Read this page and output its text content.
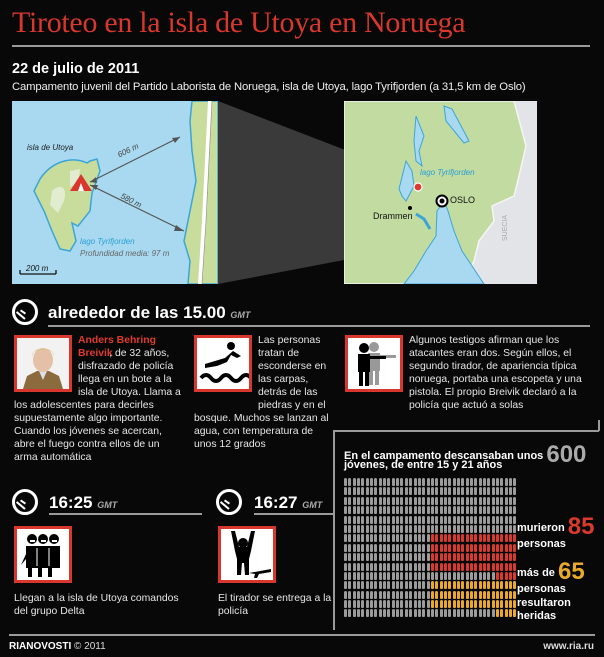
Tiroteo en la isla de Utoya en Noruega
22 de julio de 2011
Campamento juvenil del Partido Laborista de Noruega, isla de Utoya, lago Tyrifjorden (a 31,5 km de Oslo)
isla de Utoya	606 m
580 m
lago Tyrifjorden
Profundidad media: 97 m
200 m
lago Tyrifjorden
OSLO
Drammen	SUECIA
alrededor de las 15.00 GMT
Anders Behring Breivik
, de 32 años, disfrazado de policía llega en un bote a la isla de Utoya. Llama a los adolescentes para decirles supuestamente algo importante. Cuando los jóvenes se acercan, abre el fuego contra ellos de un arma automática
Las personas tratan de esconderse en las carpas, detrás de las piedras y en el bosque. Muchos se lanzan al agua, con temperatura de unos 12 grados
Algunos testigos afirman que los atacantes eran dos. Según ellos, el segundo tirador, de apariencia típica noruega, portaba una escopeta y una pistola. El propio Breivik declaró a la policía que actuó a solas
16:25 GMT
Llegan a la isla de Utoya comandos del grupo Delta
16:27 GMT
El tirador se entrega a la policía
En el campamento descansaban unos 600
jóvenes, de entre 15 y 21 años
murieron 85
personas
más de 65
personas resultaron heridas
RIANOVOSTI © 2011	www.ria.ru
